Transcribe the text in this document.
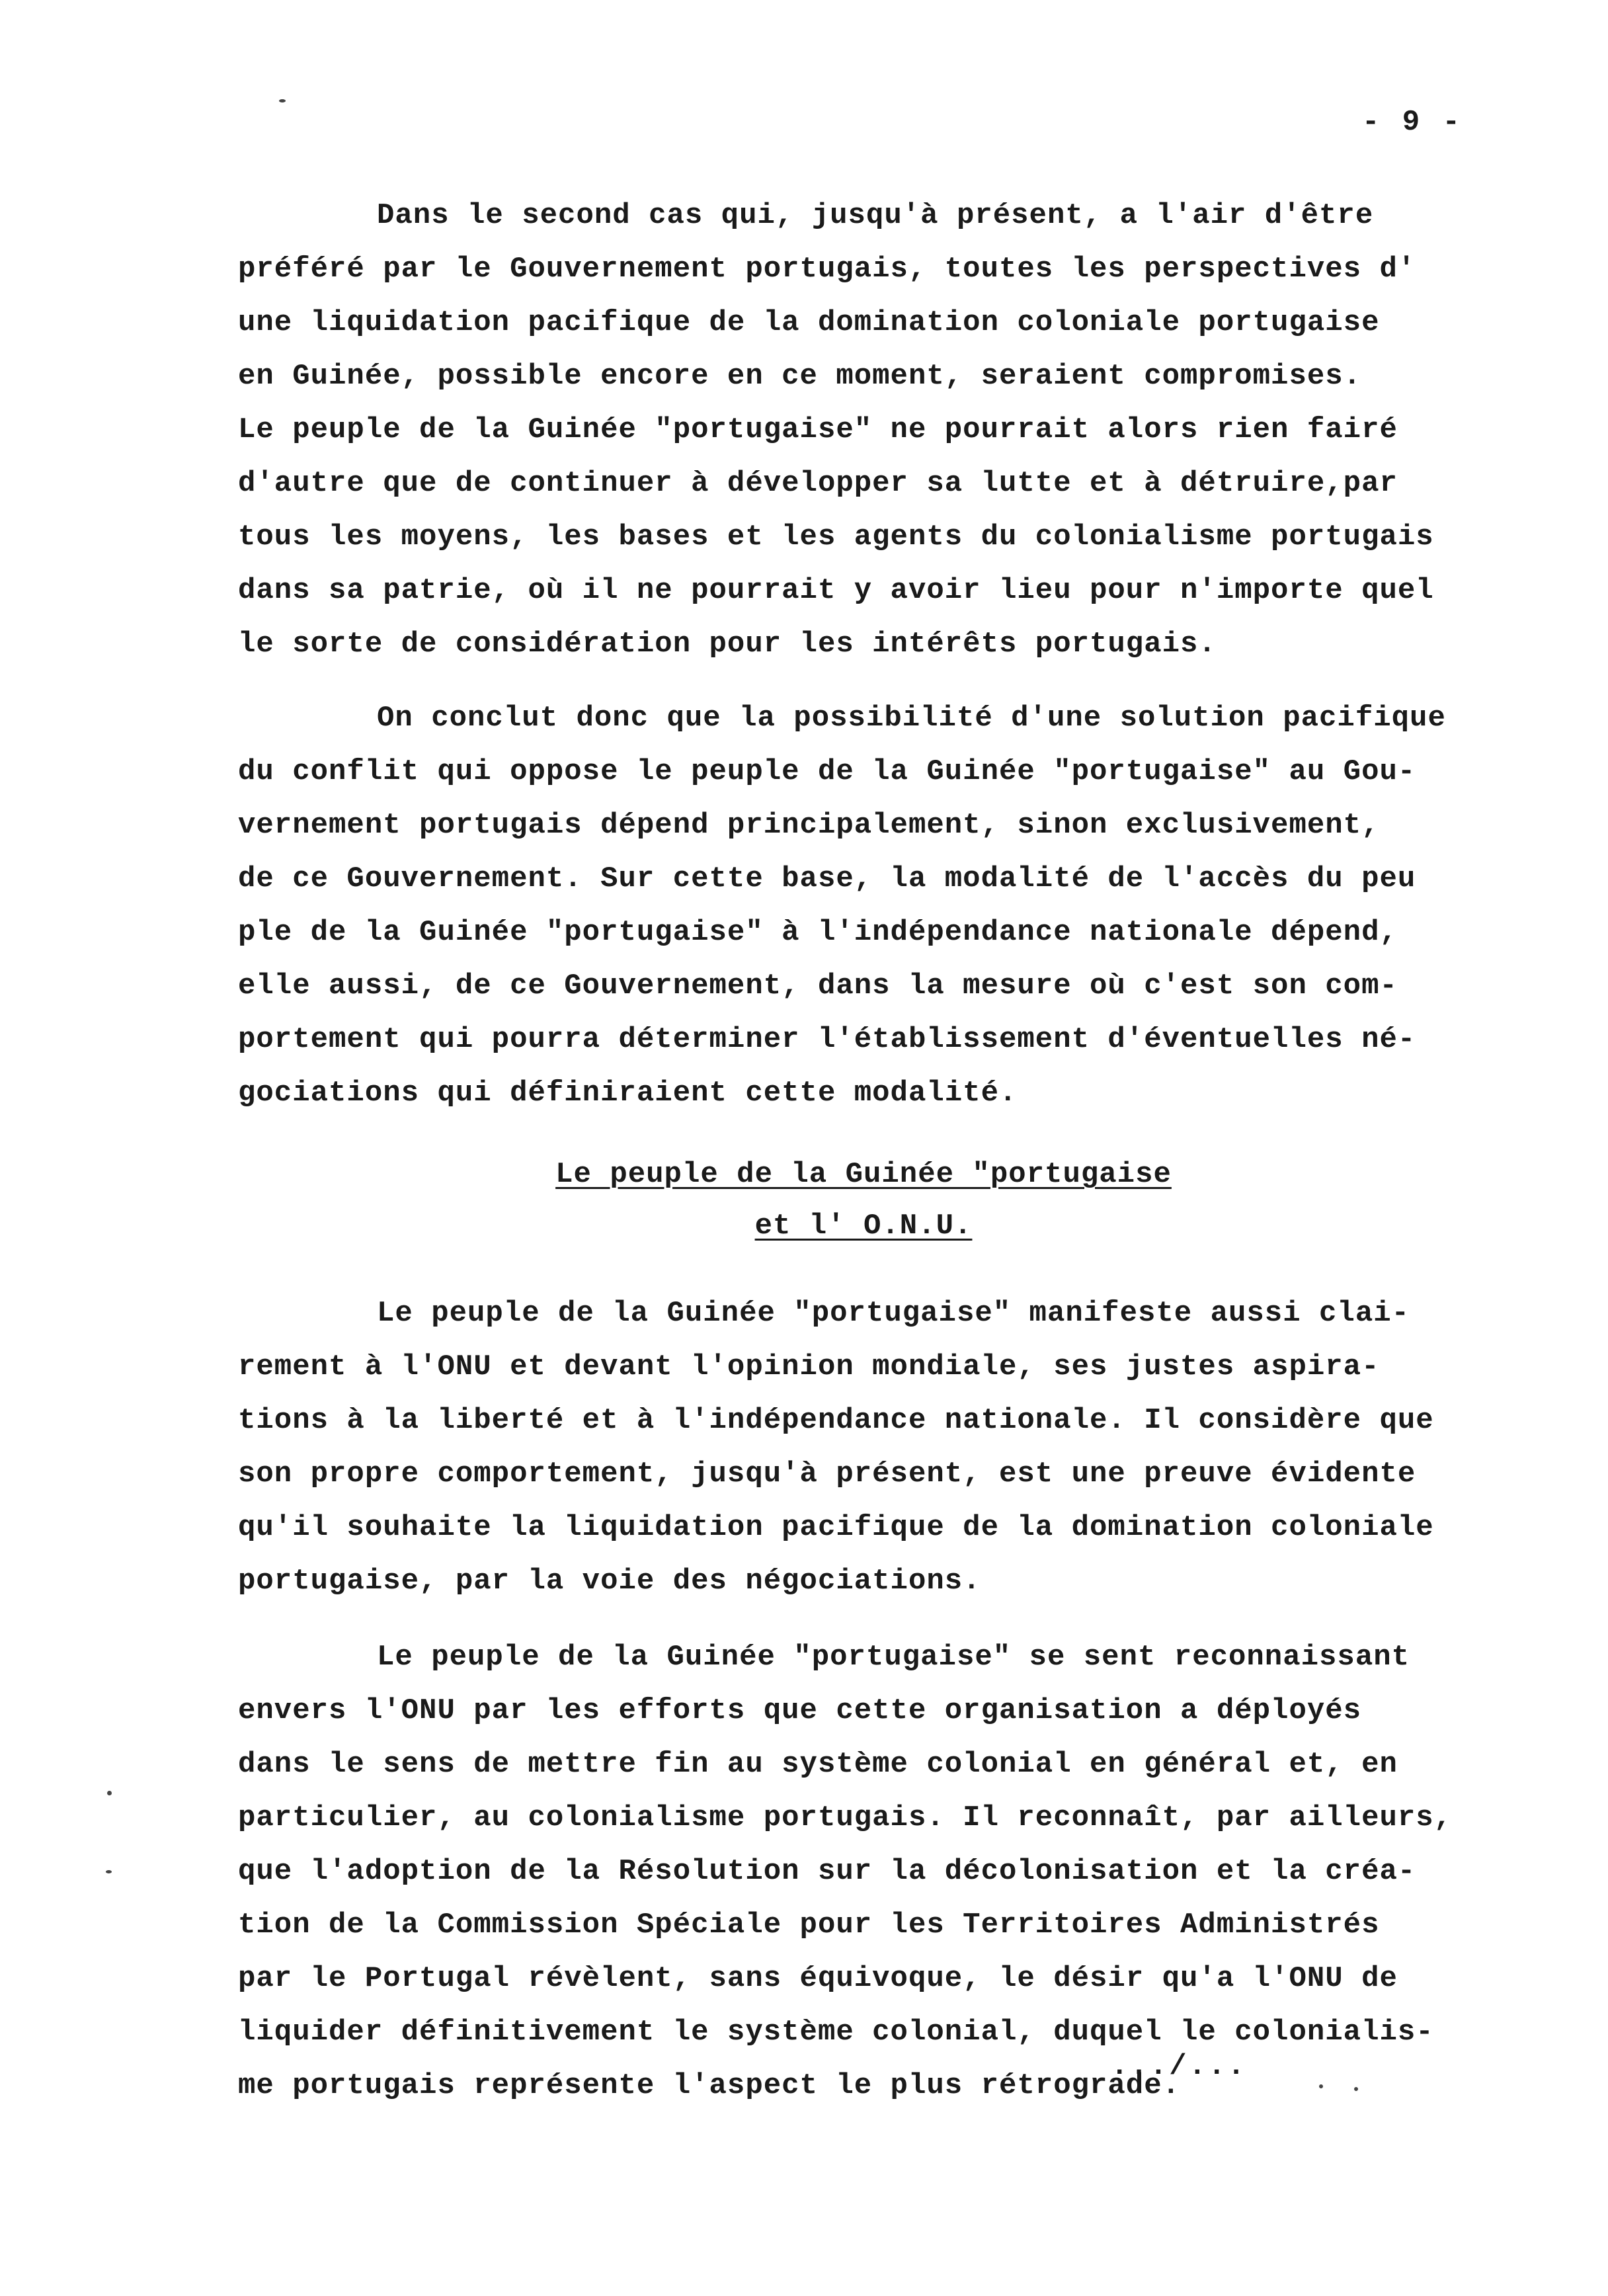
- 9 -
Dans le second cas qui, jusqu'à présent, a l'air d'être
préféré par le Gouvernement portugais, toutes les perspectives d'
une liquidation pacifique de la domination coloniale portugaise
en Guinée, possible encore en ce moment, seraient compromises.
Le peuple de la Guinée "portugaise" ne pourrait alors rien fairé
d'autre que de continuer à développer sa lutte et à détruire,par
tous les moyens, les bases et les agents du colonialisme portugais
dans sa patrie, où il ne pourrait y avoir lieu pour n'importe quel
le sorte de considération pour les intérêts portugais.
On conclut donc que la possibilité d'une solution pacifique
du conflit qui oppose le peuple de la Guinée "portugaise" au Gou-
vernement portugais dépend principalement, sinon exclusivement,
de ce Gouvernement. Sur cette base, la modalité de l'accès du peu
ple de la Guinée "portugaise" à l'indépendance nationale dépend,
elle aussi, de ce Gouvernement, dans la mesure où c'est son com-
portement qui pourra déterminer l'établissement d'éventuelles né-
gociations qui définiraient cette modalité.
Le peuple de la Guinée "portugaise
et l' O.N.U.
Le peuple de la Guinée "portugaise" manifeste aussi clai-
rement à l'ONU et devant l'opinion mondiale, ses justes aspira-
tions à la liberté et à l'indépendance nationale. Il considère que
son propre comportement, jusqu'à présent, est une preuve évidente
qu'il souhaite la liquidation pacifique de la domination coloniale
portugaise, par la voie des négociations.
Le peuple de la Guinée "portugaise" se sent reconnaissant
envers l'ONU par les efforts que cette organisation a déployés
dans le sens de mettre fin au système colonial en général et, en
particulier, au colonialisme portugais. Il reconnaît, par ailleurs,
que l'adoption de la Résolution sur la décolonisation et la créa-
tion de la Commission Spéciale pour les Territoires Administrés
par le Portugal révèlent, sans équivoque, le désir qu'a l'ONU de
liquider définitivement le système colonial, duquel le colonialis-
me portugais représente l'aspect le plus rétrograde.
.../...
